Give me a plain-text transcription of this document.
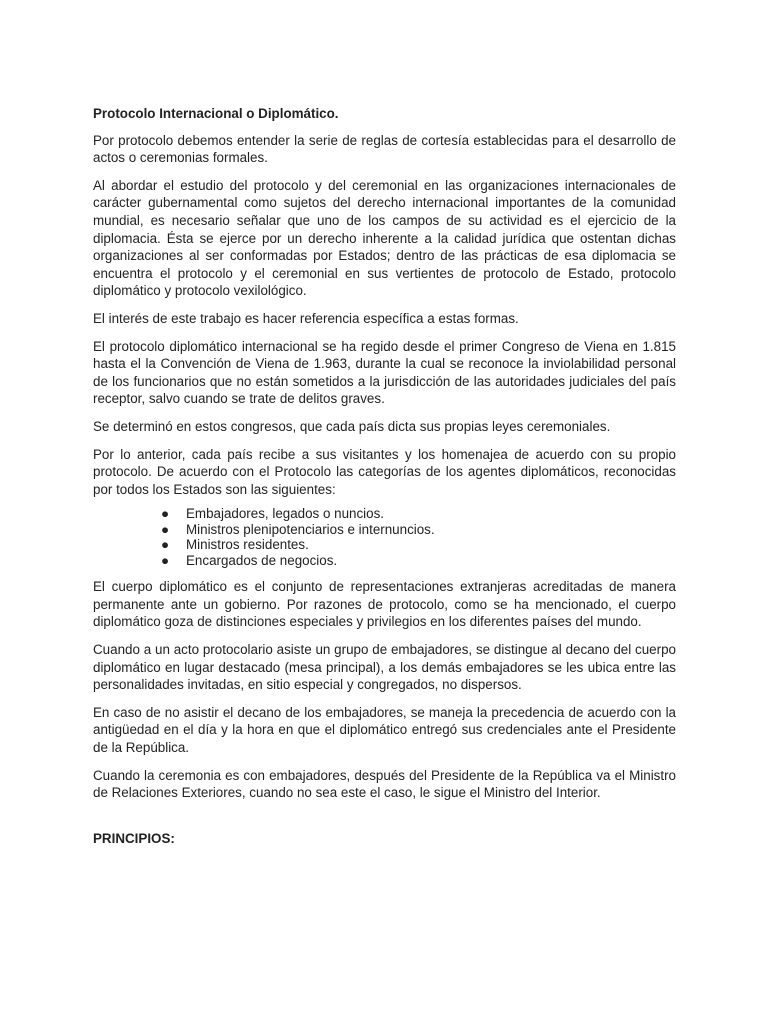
Protocolo Internacional o Diplomático.

Por protocolo debemos entender la serie de reglas de cortesía establecidas para el desarrollo de actos o ceremonias formales.

Al abordar el estudio del protocolo y del ceremonial en las organizaciones internacionales de carácter gubernamental como sujetos del derecho internacional importantes de la comunidad mundial, es necesario señalar que uno de los campos de su actividad es el ejercicio de la diplomacia. Ésta se ejerce por un derecho inherente a la calidad jurídica que ostentan dichas organizaciones al ser conformadas por Estados; dentro de las prácticas de esa diplomacia se encuentra el protocolo y el ceremonial en sus vertientes de protocolo de Estado, protocolo diplomático y protocolo vexilológico.

El interés de este trabajo es hacer referencia específica a estas formas.

El protocolo diplomático internacional se ha regido desde el primer Congreso de Viena en 1.815 hasta el la Convención de Viena de 1.963, durante la cual se reconoce la inviolabilidad personal de los funcionarios que no están sometidos a la jurisdicción de las autoridades judiciales del país receptor, salvo cuando se trate de delitos graves.

Se determinó en estos congresos, que cada país dicta sus propias leyes ceremoniales.

Por lo anterior, cada país recibe a sus visitantes y los homenajea de acuerdo con su propio protocolo. De acuerdo con el Protocolo las categorías de los agentes diplomáticos, reconocidas por todos los Estados son las siguientes:

● Embajadores, legados o nuncios.
● Ministros plenipotenciarios e internuncios.
● Ministros residentes.
● Encargados de negocios.

El cuerpo diplomático es el conjunto de representaciones extranjeras acreditadas de manera permanente ante un gobierno. Por razones de protocolo, como se ha mencionado, el cuerpo diplomático goza de distinciones especiales y privilegios en los diferentes países del mundo.

Cuando a un acto protocolario asiste un grupo de embajadores, se distingue al decano del cuerpo diplomático en lugar destacado (mesa principal), a los demás embajadores se les ubica entre las personalidades invitadas, en sitio especial y congregados, no dispersos.

En caso de no asistir el decano de los embajadores, se maneja la precedencia de acuerdo con la antigüedad en el día y la hora en que el diplomático entregó sus credenciales ante el Presidente de la República.

Cuando la ceremonia es con embajadores, después del Presidente de la República va el Ministro de Relaciones Exteriores, cuando no sea este el caso, le sigue el Ministro del Interior.

PRINCIPIOS:
